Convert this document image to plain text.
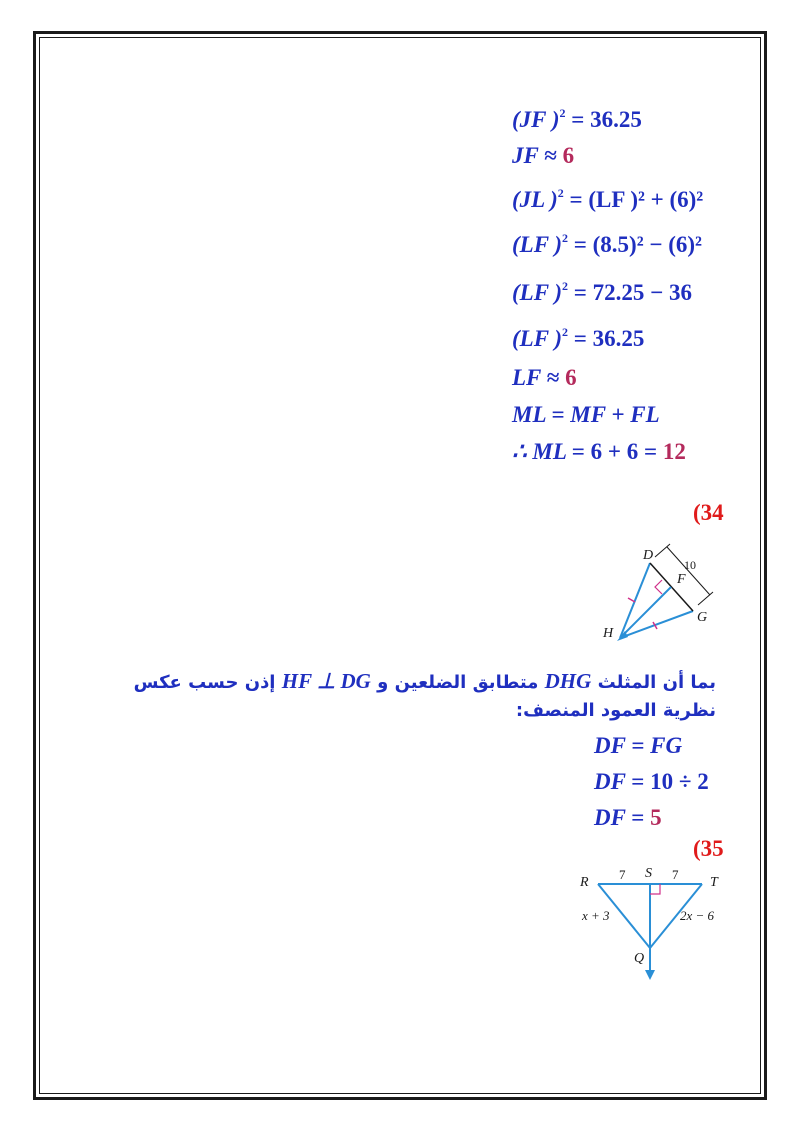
(JF )$^2$ = 36.25
JF ≈ 6
(JL )$^2$ = (LF )² + (6)²
(LF )$^2$ = (8.5)² − (6)²
(LF )$^2$ = 72.25 − 36
(LF )$^2$ = 36.25
LF ≈ 6
ML = MF + FL
∴ ML = 6 + 6 = 12
(34
D
F
G
H
10
بما أن المثلث DHG متطابق الضلعين و HF ⊥ DG إذن حسب عكس نظرية العمود المنصف:
DF = FG
DF = 10 ÷ 2
DF = 5
(35
R
S
T
Q
7	7
x + 3	2x − 6
